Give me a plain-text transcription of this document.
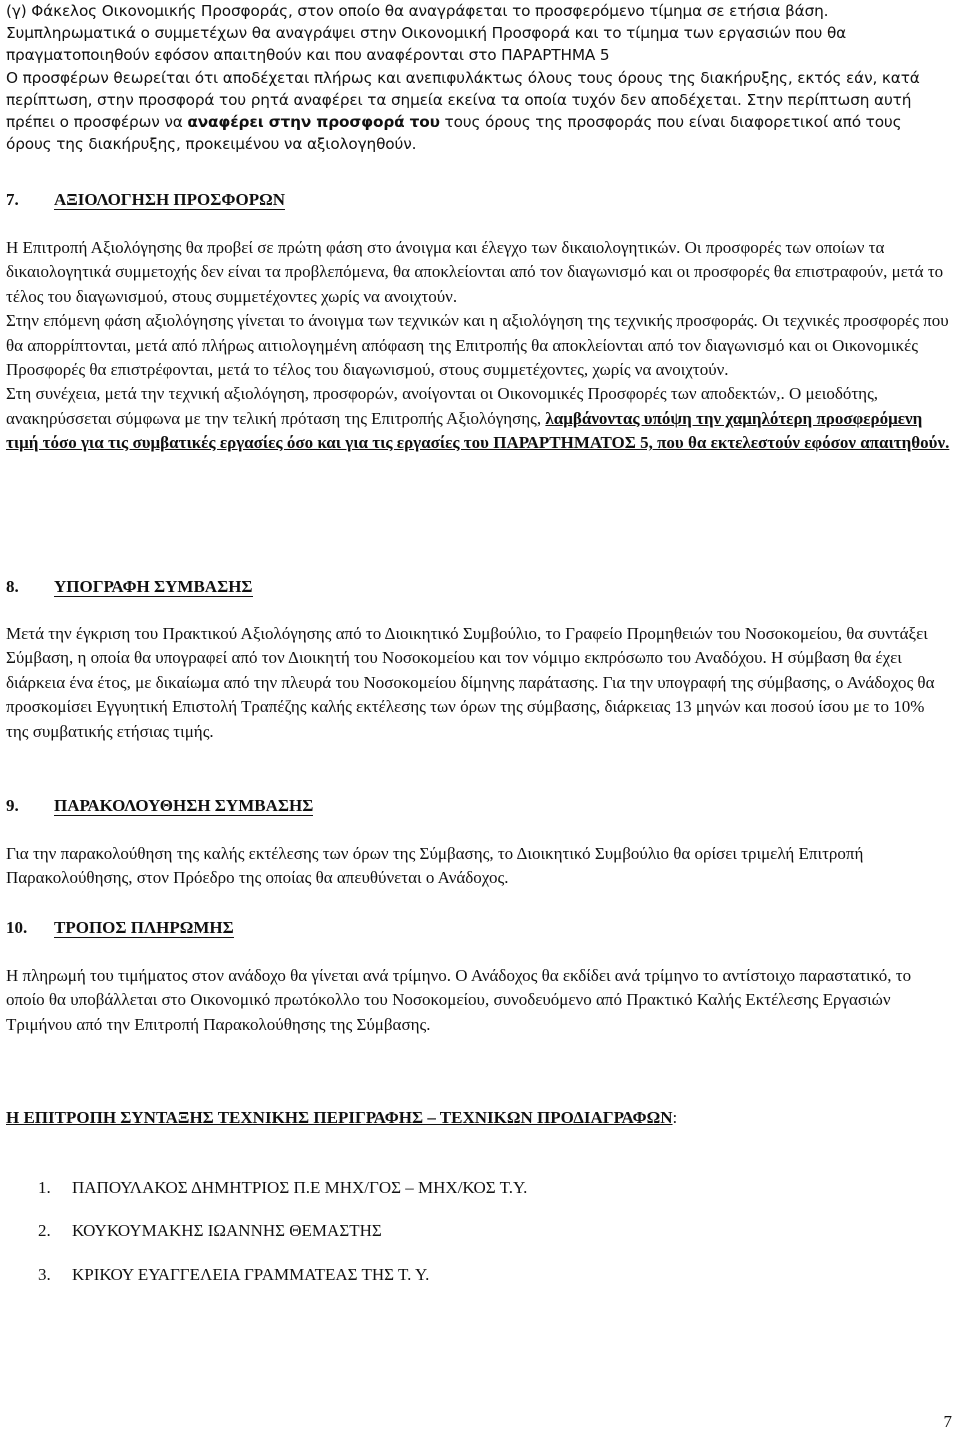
(γ) Φάκελος Οικονομικής Προσφοράς, στον οποίο θα αναγράφεται το προσφερόμενο τίμημα σε ετήσια βάση.

Συμπληρωματικά ο συμμετέχων θα αναγράψει στην Οικονομική Προσφορά και το τίμημα των εργασιών που θα πραγματοποιηθούν εφόσον απαιτηθούν και που αναφέρονται στο ΠΑΡΑΡΤΗΜΑ 5

Ο προσφέρων θεωρείται ότι αποδέχεται πλήρως και ανεπιφυλάκτως όλους τους όρους της διακήρυξης, εκτός εάν, κατά περίπτωση, στην προσφορά του ρητά αναφέρει τα σημεία εκείνα τα οποία τυχόν δεν αποδέχεται. Στην περίπτωση αυτή πρέπει ο προσφέρων να αναφέρει στην προσφορά του τους όρους της προσφοράς που είναι διαφορετικοί από τους όρους της διακήρυξης, προκειμένου να αξιολογηθούν.

7. ΑΞΙΟΛΟΓΗΣΗ ΠΡΟΣΦΟΡΩΝ

Η Επιτροπή Αξιολόγησης θα προβεί σε πρώτη φάση στο άνοιγμα και έλεγχο των δικαιολογητικών. Οι προσφορές των οποίων τα δικαιολογητικά συμμετοχής δεν είναι τα προβλεπόμενα, θα αποκλείονται από τον διαγωνισμό και οι προσφορές θα επιστραφούν, μετά το τέλος του διαγωνισμού, στους συμμετέχοντες χωρίς να ανοιχτούν.

Στην επόμενη φάση αξιολόγησης γίνεται το άνοιγμα των τεχνικών και η αξιολόγηση της τεχνικής προσφοράς. Οι τεχνικές προσφορές που θα απορρίπτονται, μετά από πλήρως αιτιολογημένη απόφαση της Επιτροπής θα αποκλείονται από τον διαγωνισμό και οι Οικονομικές Προσφορές θα επιστρέφονται, μετά το τέλος του διαγωνισμού, στους συμμετέχοντες, χωρίς να ανοιχτούν.

Στη συνέχεια, μετά την τεχνική αξιολόγηση, προσφορών, ανοίγονται οι Οικονομικές Προσφορές των αποδεκτών,. Ο μειοδότης, ανακηρύσσεται σύμφωνα με την τελική πρόταση της Επιτροπής Αξιολόγησης, λαμβάνοντας υπόψη την χαμηλότερη προσφερόμενη τιμή τόσο για τις συμβατικές εργασίες όσο και για τις εργασίες του ΠΑΡΑΡΤΗΜΑΤΟΣ 5, που θα εκτελεστούν εφόσον απαιτηθούν.

8. ΥΠΟΓΡΑΦΗ ΣΥΜΒΑΣΗΣ

Μετά την έγκριση του Πρακτικού Αξιολόγησης από το Διοικητικό Συμβούλιο, το Γραφείο Προμηθειών του Νοσοκομείου, θα συντάξει Σύμβαση, η οποία θα υπογραφεί από τον Διοικητή του Νοσοκομείου και τον νόμιμο εκπρόσωπο του Αναδόχου. Η σύμβαση θα έχει διάρκεια ένα έτος, με δικαίωμα από την πλευρά του Νοσοκομείου δίμηνης παράτασης. Για την υπογραφή της σύμβασης, ο Ανάδοχος θα προσκομίσει Εγγυητική Επιστολή Τραπέζης καλής εκτέλεσης των όρων της σύμβασης, διάρκειας 13 μηνών και ποσού ίσου με το 10% της συμβατικής ετήσιας τιμής.

9. ΠΑΡΑΚΟΛΟΥΘΗΣΗ ΣΥΜΒΑΣΗΣ

Για την παρακολούθηση της καλής εκτέλεσης των όρων της Σύμβασης, το Διοικητικό Συμβούλιο θα ορίσει τριμελή Επιτροπή Παρακολούθησης, στον Πρόεδρο της οποίας θα απευθύνεται ο Ανάδοχος.

10. ΤΡΟΠΟΣ ΠΛΗΡΩΜΗΣ

Η πληρωμή του τιμήματος στον ανάδοχο θα γίνεται ανά τρίμηνο. Ο Ανάδοχος θα εκδίδει ανά τρίμηνο το αντίστοιχο παραστατικό, το οποίο θα υποβάλλεται στο Οικονομικό πρωτόκολλο του Νοσοκομείου, συνοδευόμενο από Πρακτικό Καλής Εκτέλεσης Εργασιών Τριμήνου από την Επιτροπή Παρακολούθησης της Σύμβασης.

Η ΕΠΙΤΡΟΠΗ ΣΥΝΤΑΞΗΣ ΤΕΧΝΙΚΗΣ ΠΕΡΙΓΡΑΦΗΣ – ΤΕΧΝΙΚΩΝ ΠΡΟΔΙΑΓΡΑΦΩΝ:
1. ΠΑΠΟΥΛΑΚΟΣ ΔΗΜΗΤΡΙΟΣ Π.Ε ΜΗΧ/ΓΟΣ – ΜΗΧ/ΚΟΣ Τ.Υ.
2. ΚΟΥΚΟΥΜΑΚΗΣ ΙΩΑΝΝΗΣ ΘΕΜΑΣΤΗΣ
3. ΚΡΙΚΟΥ ΕΥΑΓΓΕΛΕΙΑ ΓΡΑΜΜΑΤΕΑΣ ΤΗΣ Τ. Υ.
7
